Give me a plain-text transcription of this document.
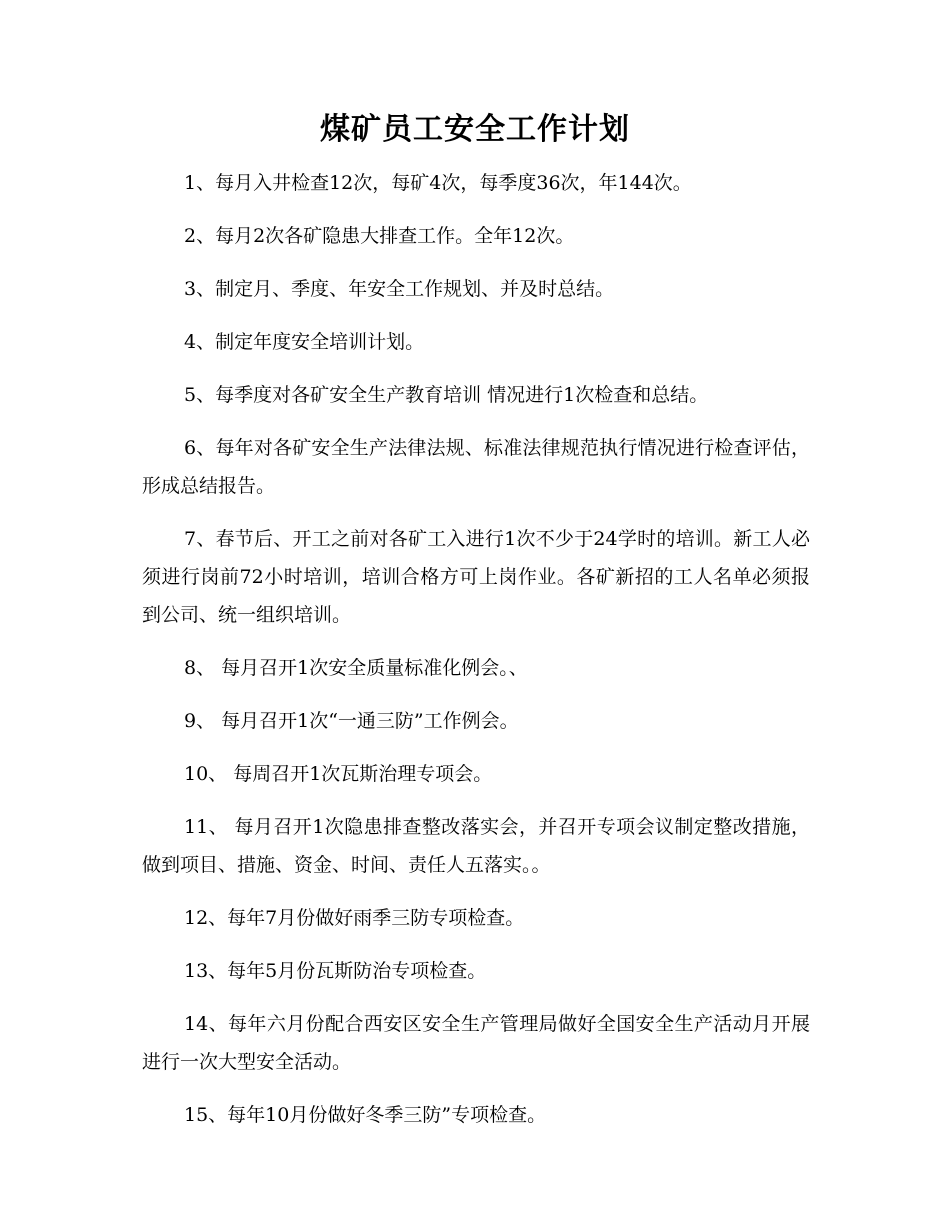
煤矿员工安全工作计划

1、每月入井检查12次，每矿4次，每季度36次，年144次。

2、每月2次各矿隐患大排查工作。全年12次。

3、制定月、季度、年安全工作规划、并及时总结。

4、制定年度安全培训计划。

5、每季度对各矿安全生产教育培训 情况进行1次检查和总结。

6、每年对各矿安全生产法律法规、标准法律规范执行情况进行检查评估，形成总结报告。

7、春节后、开工之前对各矿工入进行1次不少于24学时的培训。新工人必须进行岗前72小时培训，培训合格方可上岗作业。各矿新招的工人名单必须报到公司、统一组织培训。

8、 每月召开1次安全质量标准化例会。、

9、 每月召开1次“一通三防”工作例会。

10、 每周召开1次瓦斯治理专项会。

11、 每月召开1次隐患排查整改落实会，并召开专项会议制定整改措施，做到项目、措施、资金、时间、责任人五落实。。

12、每年7月份做好雨季三防专项检查。

13、每年5月份瓦斯防治专项检查。

14、每年六月份配合西安区安全生产管理局做好全国安全生产活动月开展进行一次大型安全活动。

15、每年10月份做好冬季三防”专项检查。
